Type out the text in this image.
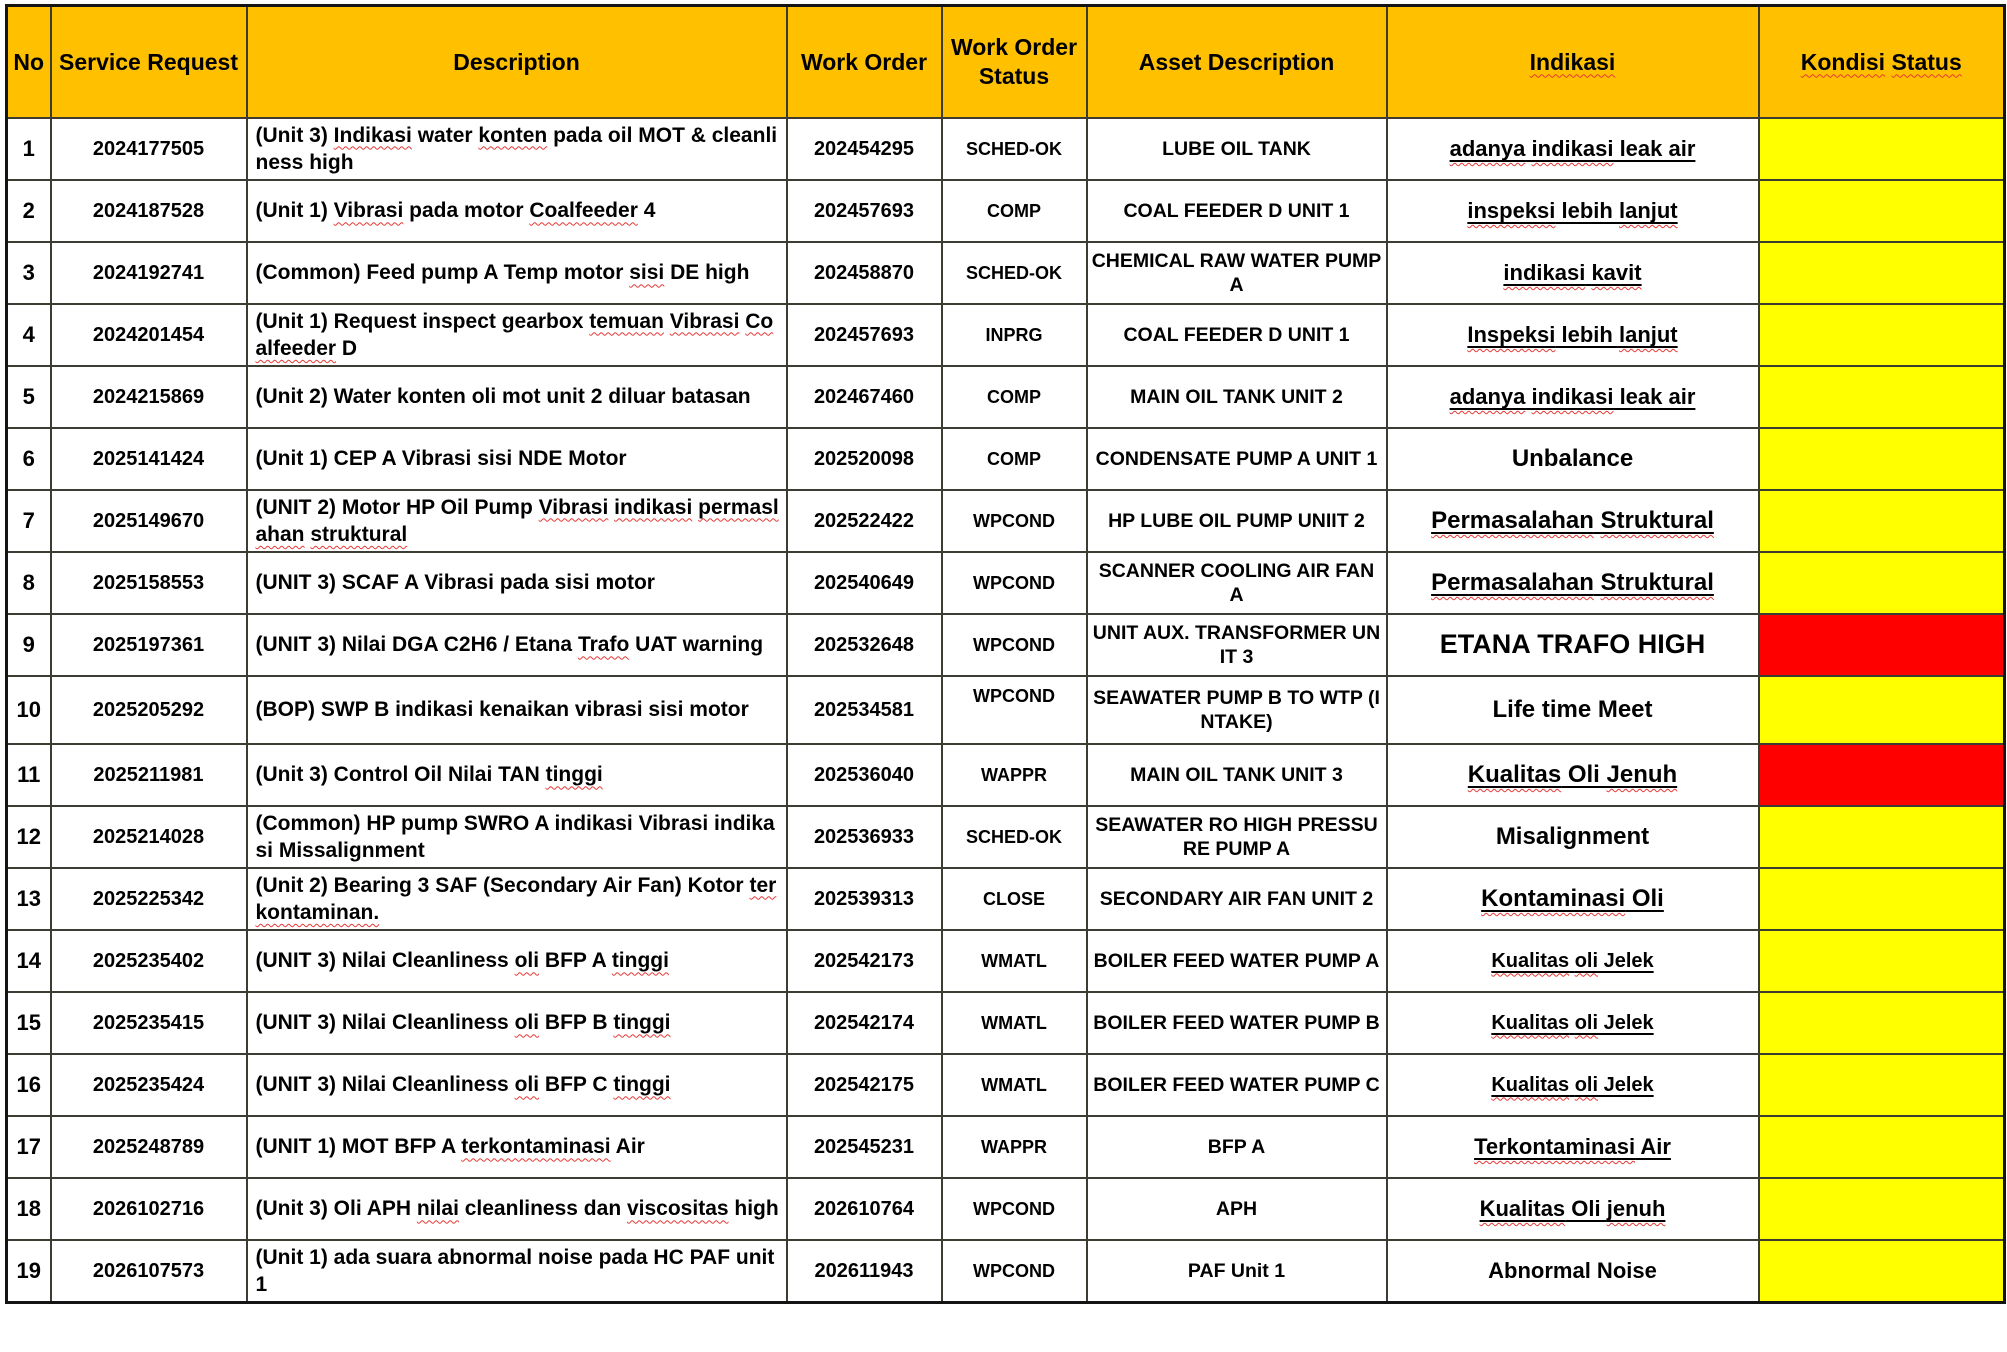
No	Service Request	Description	Work Order	Work Order Status	Asset Description	Indikasi	Kondisi Status
1	2024177505	(Unit 3) Indikasi water konten pada oil MOT & cleanliness high	202454295	SCHED-OK	LUBE OIL TANK	adanya indikasi leak air	
2	2024187528	(Unit 1) Vibrasi pada motor Coalfeeder 4	202457693	COMP	COAL FEEDER D UNIT 1	inspeksi lebih lanjut	
3	2024192741	(Common) Feed pump A Temp motor sisi DE high	202458870	SCHED-OK	CHEMICAL RAW WATER PUMP A	indikasi kavit	
4	2024201454	(Unit 1) Request inspect gearbox temuan Vibrasi Coalfeeder D	202457693	INPRG	COAL FEEDER D UNIT 1	Inspeksi lebih lanjut	
5	2024215869	(Unit 2) Water konten oli mot unit 2 diluar batasan	202467460	COMP	MAIN OIL TANK UNIT 2	adanya indikasi leak air	
6	2025141424	(Unit 1) CEP A Vibrasi sisi NDE Motor	202520098	COMP	CONDENSATE PUMP A UNIT 1	Unbalance	
7	2025149670	(UNIT 2) Motor HP Oil Pump Vibrasi indikasi permaslahan struktural	202522422	WPCOND	HP LUBE OIL PUMP UNIIT 2	Permasalahan Struktural	
8	2025158553	(UNIT 3) SCAF A Vibrasi pada sisi motor	202540649	WPCOND	SCANNER COOLING AIR FAN A	Permasalahan Struktural	
9	2025197361	(UNIT 3) Nilai DGA C2H6 / Etana Trafo UAT warning	202532648	WPCOND	UNIT AUX. TRANSFORMER UNIT 3	ETANA TRAFO HIGH	
10	2025205292	(BOP) SWP B indikasi kenaikan vibrasi sisi motor	202534581	WPCOND	SEAWATER PUMP B TO WTP (INTAKE)	Life time Meet	
11	2025211981	(Unit 3) Control Oil Nilai TAN tinggi	202536040	WAPPR	MAIN OIL TANK UNIT 3	Kualitas Oli Jenuh	
12	2025214028	(Common) HP pump SWRO A indikasi Vibrasi indikasi Missalignment	202536933	SCHED-OK	SEAWATER RO HIGH PRESSURE PUMP A	Misalignment	
13	2025225342	(Unit 2) Bearing 3 SAF (Secondary Air Fan) Kotor terkontaminan.	202539313	CLOSE	SECONDARY AIR FAN UNIT 2	Kontaminasi Oli	
14	2025235402	(UNIT 3) Nilai Cleanliness oli BFP A tinggi	202542173	WMATL	BOILER FEED WATER PUMP A	Kualitas oli Jelek	
15	2025235415	(UNIT 3) Nilai Cleanliness oli BFP B tinggi	202542174	WMATL	BOILER FEED WATER PUMP B	Kualitas oli Jelek	
16	2025235424	(UNIT 3) Nilai Cleanliness oli BFP C tinggi	202542175	WMATL	BOILER FEED WATER PUMP C	Kualitas oli Jelek	
17	2025248789	(UNIT 1) MOT BFP A terkontaminasi Air	202545231	WAPPR	BFP A	Terkontaminasi Air	
18	2026102716	(Unit 3) Oli APH nilai cleanliness dan viscositas high	202610764	WPCOND	APH	Kualitas Oli jenuh	
19	2026107573	(Unit 1) ada suara abnormal noise pada HC PAF unit 1	202611943	WPCOND	PAF Unit 1	Abnormal Noise	
